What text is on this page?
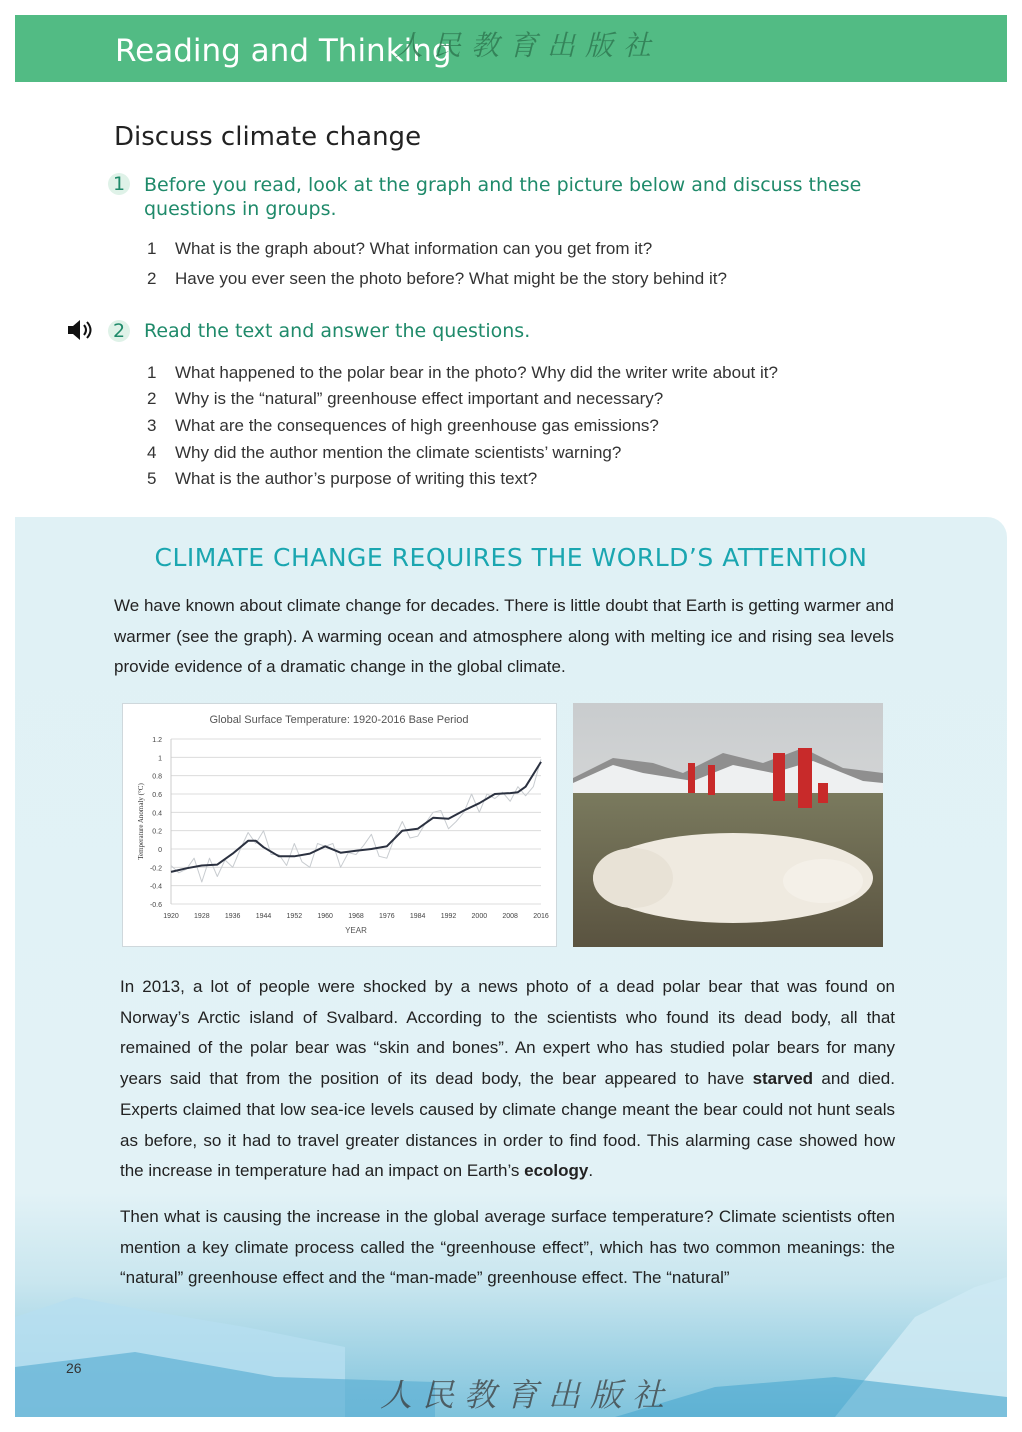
Reading and Thinking
人民教育出版社
Discuss climate change
1 Before you read, look at the graph and the picture below and discuss these questions in groups.
1 What is the graph about? What information can you get from it?
2 Have you ever seen the photo before? What might be the story behind it?
2 Read the text and answer the questions.
1 What happened to the polar bear in the photo? Why did the writer write about it?
2 Why is the “natural” greenhouse effect important and necessary?
3 What are the consequences of high greenhouse gas emissions?
4 Why did the author mention the climate scientists’ warning?
5 What is the author’s purpose of writing this text?
CLIMATE CHANGE REQUIRES THE WORLD’S ATTENTION
We have known about climate change for decades. There is little doubt that Earth is getting warmer and warmer (see the graph). A warming ocean and atmosphere along with melting ice and rising sea levels provide evidence of a dramatic change in the global climate.
Global Surface Temperature: 1920-2016 Base Period
1.2
1
0.8
0.6
0.4
0.2
0
-0.2
-0.4
-0.6
1920 1928 1936 1944 1952 1960 1968 1976 1984 1992 2000 2008 2016
YEAR
Temperature Anomaly (°C)
In 2013, a lot of people were shocked by a news photo of a dead polar bear that was found on Norway’s Arctic island of Svalbard. According to the scientists who found its dead body, all that remained of the polar bear was “skin and bones”. An expert who has studied polar bears for many years said that from the position of its dead body, the bear appeared to have starved and died. Experts claimed that low sea-ice levels caused by climate change meant the bear could not hunt seals as before, so it had to travel greater distances in order to find food. This alarming case showed how the increase in temperature had an impact on Earth’s ecology.
Then what is causing the increase in the global average surface temperature? Climate scientists often mention a key climate process called the “greenhouse effect”, which has two common meanings: the “natural” greenhouse effect and the “man-made” greenhouse effect. The “natural”
26
人民教育出版社
